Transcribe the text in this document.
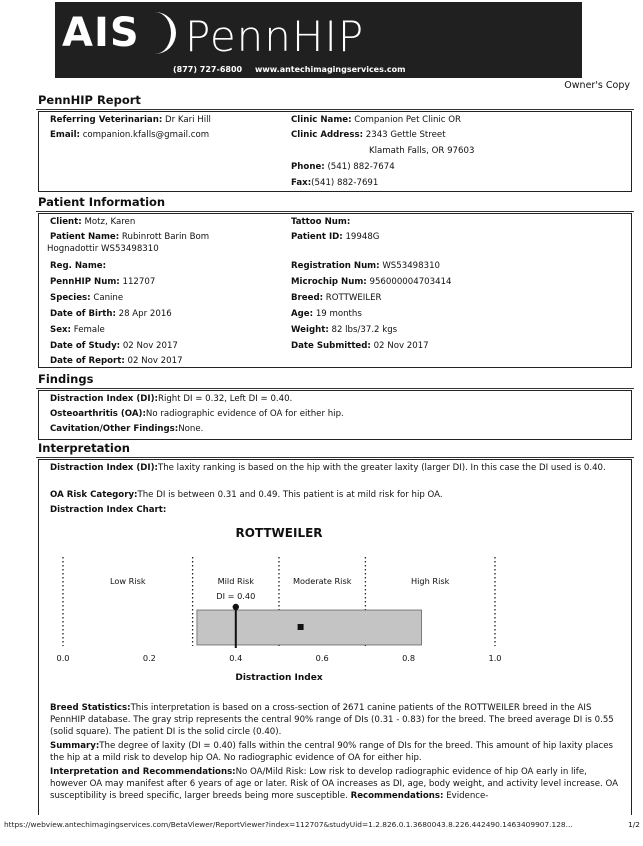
AIS PennHIP
(877) 727-6800 www.antechimagingservices.com
Owner's Copy
PennHIP Report
Referring Veterinarian: Dr Kari Hill
Email: companion.kfalls@gmail.com
Clinic Name: Companion Pet Clinic OR
Clinic Address: 2343 Gettle Street
Klamath Falls, OR 97603
Phone: (541) 882-7674
Fax:(541) 882-7691
Patient Information
Client: Motz, Karen	Tattoo Num:
Patient Name: Rubinrott Barin Bom
Hognadottir WS53498310
Patient ID: 19948G
Reg. Name:	Registration Num: WS53498310
PennHIP Num: 112707	Microchip Num: 956000004703414
Species: Canine	Breed: ROTTWEILER
Date of Birth: 28 Apr 2016	Age: 19 months
Sex: Female	Weight: 82 lbs/37.2 kgs
Date of Study: 02 Nov 2017	Date Submitted: 02 Nov 2017
Date of Report: 02 Nov 2017
Findings
Distraction Index (DI):Right DI = 0.32, Left DI = 0.40.
Osteoarthritis (OA):No radiographic evidence of OA for either hip.
Cavitation/Other Findings:None.
Interpretation
Distraction Index (DI):The laxity ranking is based on the hip with the greater laxity (larger DI). In this case the DI used is 0.40.
OA Risk Category:The DI is between 0.31 and 0.49. This patient is at mild risk for hip OA.
Distraction Index Chart:
ROTTWEILER
Low Risk	Mild Risk	Moderate Risk	High Risk
DI = 0.40
0.0	0.2	0.4	0.6	0.8	1.0
Distraction Index
Breed Statistics:This interpretation is based on a cross-section of 2671 canine patients of the ROTTWEILER breed in the AIS PennHIP database. The gray strip represents the central 90% range of DIs (0.31 - 0.83) for the breed. The breed average DI is 0.55 (solid square). The patient DI is the solid circle (0.40).
Summary:The degree of laxity (DI = 0.40) falls within the central 90% range of DIs for the breed. This amount of hip laxity places the hip at a mild risk to develop hip OA. No radiographic evidence of OA for either hip.
Interpretation and Recommendations:No OA/Mild Risk: Low risk to develop radiographic evidence of hip OA early in life, however OA may manifest after 6 years of age or later. Risk of OA increases as DI, age, body weight, and activity level increase. OA susceptibility is breed specific, larger breeds being more susceptible. Recommendations: Evidence-
https://webview.antechimagingservices.com/BetaViewer/ReportViewer?index=112707&studyUid=1.2.826.0.1.3680043.8.226.442490.1463409907.128...	1/2
